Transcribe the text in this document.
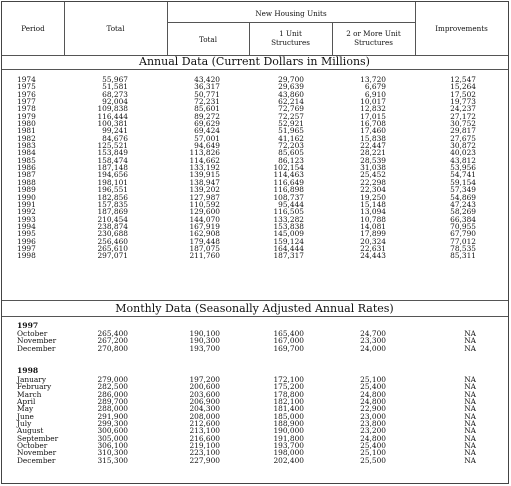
Period	Total
New Housing Units
Total
1 Unit
Structures
2 or More Unit
Structures
Improvements
Annual Data (Current Dollars in Millions)
1974
1975
1976
1977
1978
1979
1980
1981
1982
1983
1984
1985
1986
1987
1988
1989
1990
1991
1992
1993
1994
1995
1996
1997
1998
55,967
51,581
68,273
92,004
109,838
116,444
100,381
99,241
84,676
125,521
153,849
158,474
187,148
194,656
198,101
196,551
182,856
157,835
187,869
210,454
238,874
230,688
256,460
265,610
297,071
43,420
36,317
50,771
72,231
85,601
89,272
69,629
69,424
57,001
94,649
113,826
114,662
133,192
139,915
138,947
139,202
127,987
110,592
129,600
144,070
167,919
162,908
179,448
187,075
211,760
29,700
29,639
43,860
62,214
72,769
72,257
52,921
51,965
41,162
72,203
85,605
86,123
102,154
114,463
116,649
116,898
108,737
95,444
116,505
133,282
153,838
145,009
159,124
164,444
187,317
13,720
6,679
6,910
10,017
12,832
17,015
16,708
17,460
15,838
22,447
28,221
28,539
31,038
25,452
22,298
22,304
19,250
15,148
13,094
10,788
14,081
17,899
20,324
22,631
24,443
12,547
15,264
17,502
19,773
24,237
27,172
30,752
29,817
27,675
30,872
40,023
43,812
53,956
54,741
59,154
57,349
54,869
47,243
58,269
66,384
70,955
67,790
77,012
78,535
85,311
Monthly Data (Seasonally Adjusted Annual Rates)
1997
October
November
December
265,400
267,200
270,800
190,100
190,300
193,700
165,400
167,000
169,700
24,700
23,300
24,000
NA
NA
NA
1998
January
February
March
April
May
June
July
August
September
October
November
December
279,000
282,500
286,000
289,700
288,000
291,900
299,300
300,600
305,000
306,100
310,300
315,300
197,200
200,600
203,600
206,900
204,300
208,000
212,600
213,100
216,600
219,100
223,100
227,900
172,100
175,200
178,800
182,100
181,400
185,000
188,900
190,000
191,800
193,700
198,000
202,400
25,100
25,400
24,800
24,800
22,900
23,000
23,800
23,200
24,800
25,400
25,100
25,500
NA
NA
NA
NA
NA
NA
NA
NA
NA
NA
NA
NA
